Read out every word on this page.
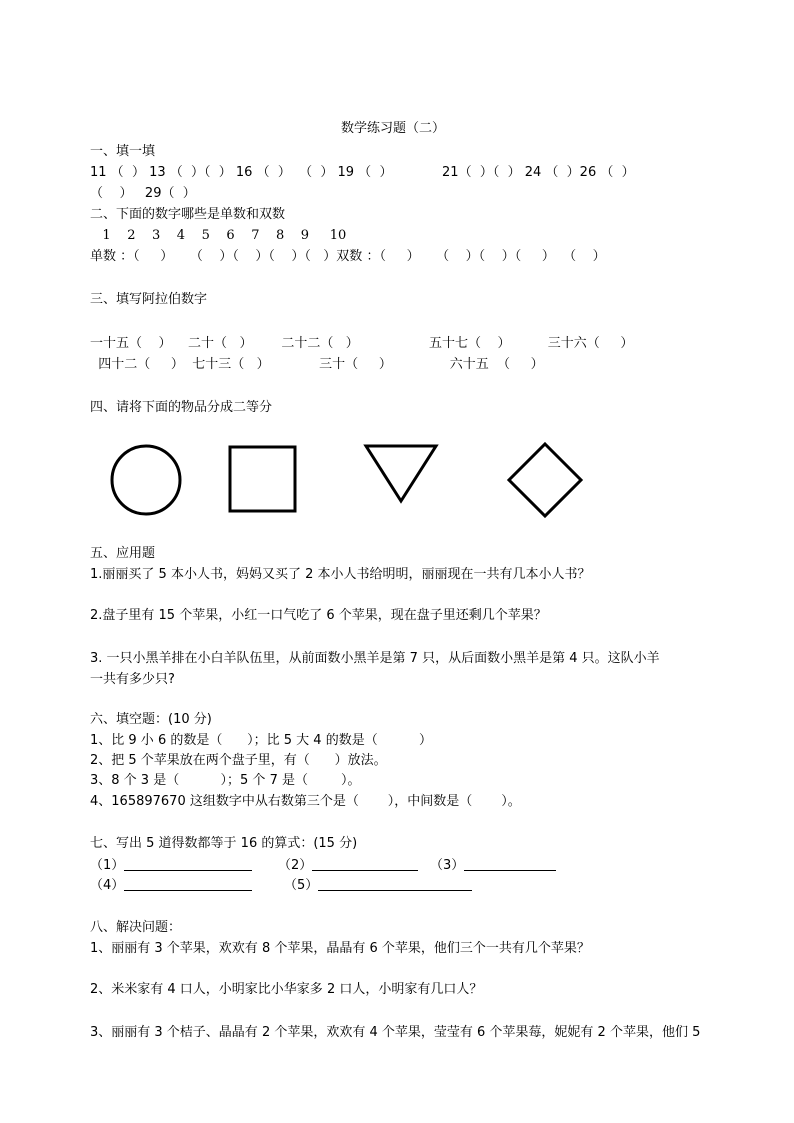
数学练习题（二）
一、填一填
11 （  ） 13 （  ）（  ） 16 （  ）  （  ） 19 （  ）            21（  ）（  ） 24 （  ）26 （  ）
（    ）   29（  ）
二、下面的数字哪些是单数和双数
1    2    3    4    5    6    7    8    9     10
单数 ：（     ）    （    ）（    ）（    ）（   ）双数 ：（     ）    （    ）（    ）（     ）  （    ）
三、填写阿拉伯数字
一十五（    ）    二十（   ）       二十二（   ）                 五十七（    ）         三十六（     ）
四十二（     ）  七十三（   ）            三十（     ）              六十五  （     ）
四、请将下面的物品分成二等分
五、应用题
1.丽丽买了 5 本小人书，妈妈又买了 2 本小人书给明明，丽丽现在一共有几本小人书？
2.盘子里有 15 个苹果，小红一口气吃了 6 个苹果，现在盘子里还剩几个苹果？
3. 一只小黑羊排在小白羊队伍里，从前面数小黑羊是第 7 只，从后面数小黑羊是第 4 只。这队小羊
一共有多少只?
六、填空题：(10 分)
1、比 9 小 6 的数是（      ）；比 5 大 4 的数是（          ）
2、把 5 个苹果放在两个盘子里，有（      ）放法。
3、8 个 3 是（          ）；5 个 7 是（        ）。
4、165897670 这组数字中从右数第三个是（       ），中间数是（       ）。
七、写出 5 道得数都等于 16 的算式：(15 分)
（1）	（2）	（3）
（4）	（5）
八、解决问题：
1、丽丽有 3 个苹果，欢欢有 8 个苹果，晶晶有 6 个苹果，他们三个一共有几个苹果？
2、米米家有 4 口人，小明家比小华家多 2 口人，小明家有几口人？
3、丽丽有 3 个桔子、晶晶有 2 个苹果，欢欢有 4 个苹果，莹莹有 6 个苹果莓，妮妮有 2 个苹果，他们 5
